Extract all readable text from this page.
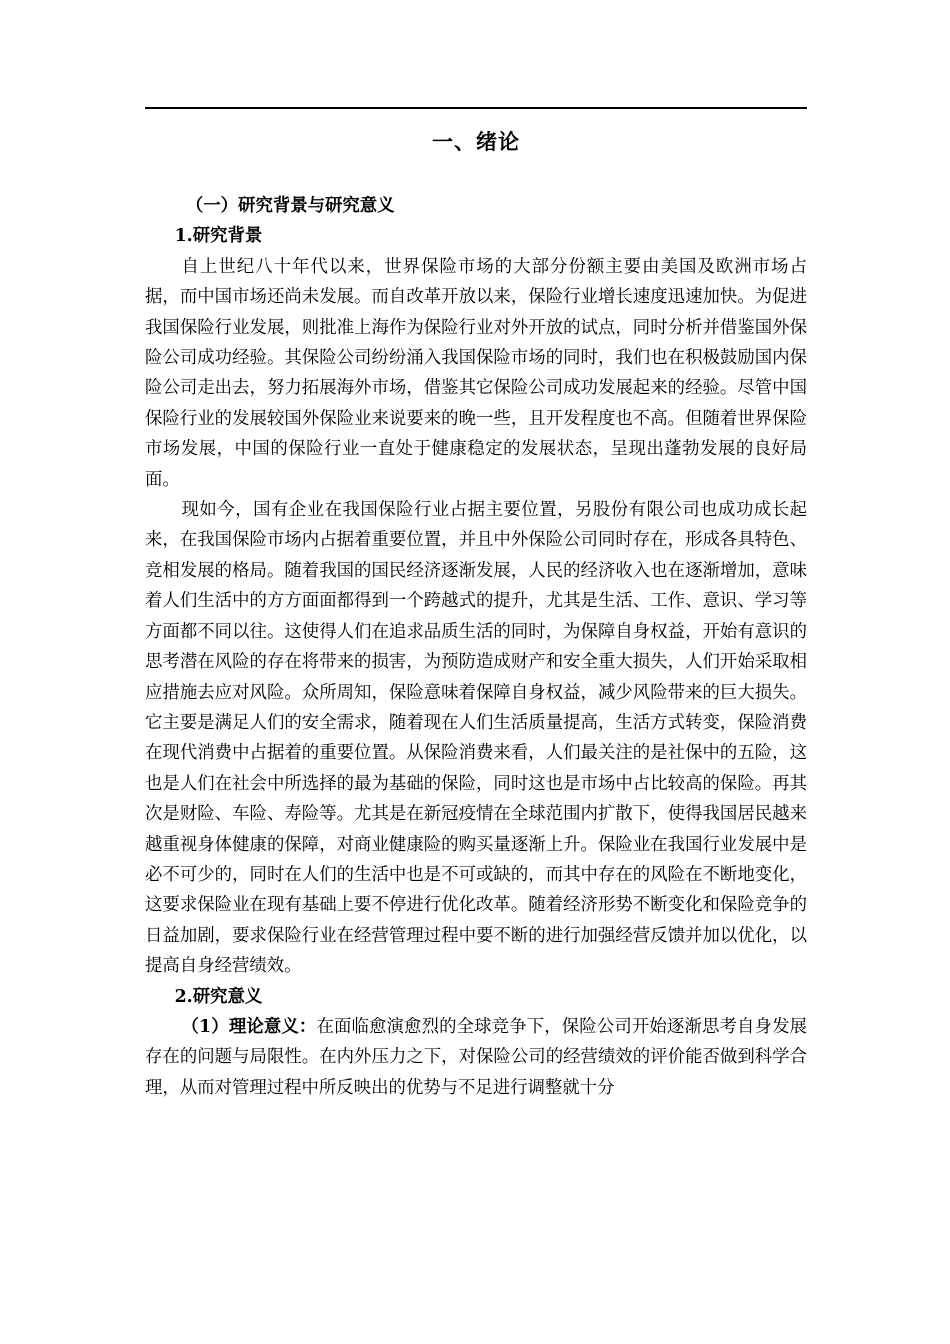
一、绪论

（一）研究背景与研究意义

1.研究背景

自上世纪八十年代以来，世界保险市场的大部分份额主要由美国及欧洲市场占据，而中国市场还尚未发展。而自改革开放以来，保险行业增长速度迅速加快。为促进我国保险行业发展，则批准上海作为保险行业对外开放的试点，同时分析并借鉴国外保险公司成功经验。其保险公司纷纷涌入我国保险市场的同时，我们也在积极鼓励国内保险公司走出去，努力拓展海外市场，借鉴其它保险公司成功发展起来的经验。尽管中国保险行业的发展较国外保险业来说要来的晚一些，且开发程度也不高。但随着世界保险市场发展，中国的保险行业一直处于健康稳定的发展状态，呈现出蓬勃发展的良好局面。

现如今，国有企业在我国保险行业占据主要位置，另股份有限公司也成功成长起来，在我国保险市场内占据着重要位置，并且中外保险公司同时存在，形成各具特色、竞相发展的格局。随着我国的国民经济逐渐发展，人民的经济收入也在逐渐增加，意味着人们生活中的方方面面都得到一个跨越式的提升，尤其是生活、工作、意识、学习等方面都不同以往。这使得人们在追求品质生活的同时，为保障自身权益，开始有意识的思考潜在风险的存在将带来的损害，为预防造成财产和安全重大损失，人们开始采取相应措施去应对风险。众所周知，保险意味着保障自身权益，减少风险带来的巨大损失。它主要是满足人们的安全需求，随着现在人们生活质量提高，生活方式转变，保险消费在现代消费中占据着的重要位置。从保险消费来看，人们最关注的是社保中的五险，这也是人们在社会中所选择的最为基础的保险，同时这也是市场中占比较高的保险。再其次是财险、车险、寿险等。尤其是在新冠疫情在全球范围内扩散下，使得我国居民越来越重视身体健康的保障，对商业健康险的购买量逐渐上升。保险业在我国行业发展中是必不可少的，同时在人们的生活中也是不可或缺的，而其中存在的风险在不断地变化，这要求保险业在现有基础上要不停进行优化改革。随着经济形势不断变化和保险竞争的日益加剧，要求保险行业在经营管理过程中要不断的进行加强经营反馈并加以优化，以提高自身经营绩效。

2.研究意义

（1）理论意义：在面临愈演愈烈的全球竞争下，保险公司开始逐渐思考自身发展存在的问题与局限性。在内外压力之下，对保险公司的经营绩效的评价能否做到科学合理，从而对管理过程中所反映出的优势与不足进行调整就十分
